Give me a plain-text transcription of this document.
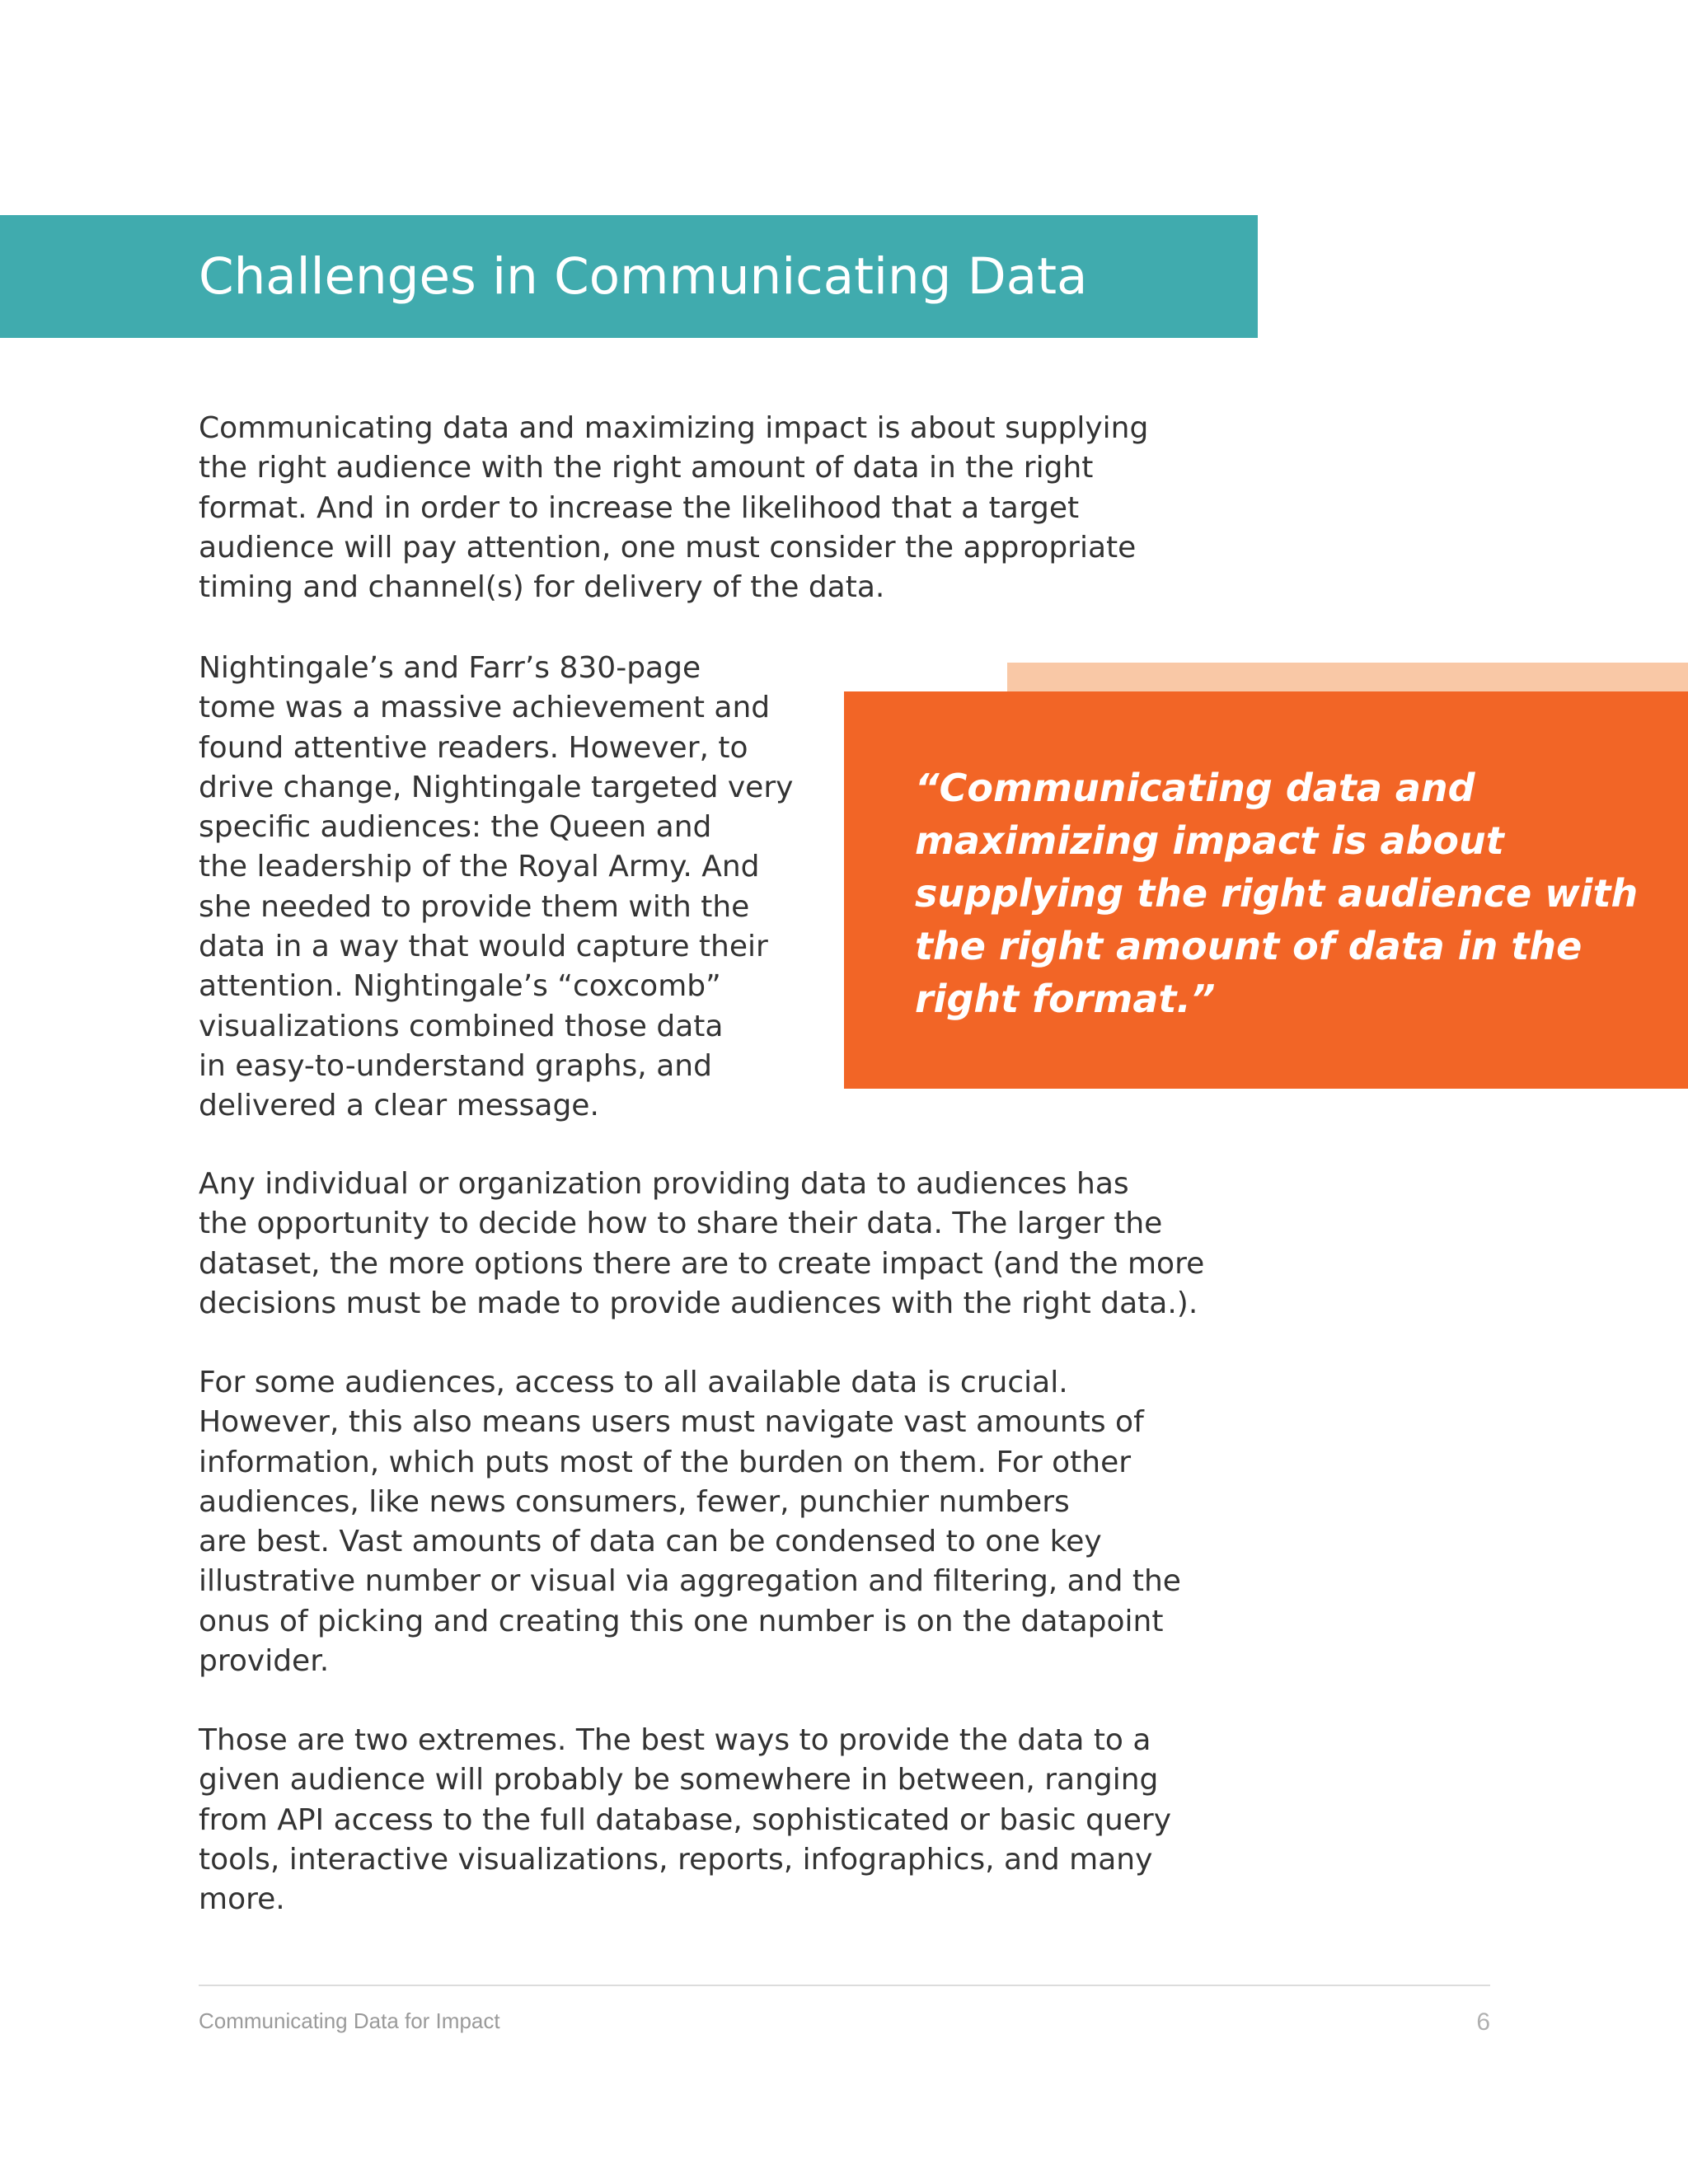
Challenges in Communicating Data

Communicating data and maximizing impact is about supplying
the right audience with the right amount of data in the right
format. And in order to increase the likelihood that a target
audience will pay attention, one must consider the appropriate
timing and channel(s) for delivery of the data.

Nightingale’s and Farr’s 830-page
tome was a massive achievement and
found attentive readers. However, to
drive change, Nightingale targeted very
specific audiences: the Queen and
the leadership of the Royal Army. And
she needed to provide them with the
data in a way that would capture their
attention. Nightingale’s “coxcomb”
visualizations combined those data
in easy-to-understand graphs, and
delivered a clear message.

“Communicating data and
maximizing impact is about
supplying the right audience with
the right amount of data in the
right format.”

Any individual or organization providing data to audiences has
the opportunity to decide how to share their data. The larger the
dataset, the more options there are to create impact (and the more
decisions must be made to provide audiences with the right data.).

For some audiences, access to all available data is crucial.
However, this also means users must navigate vast amounts of
information, which puts most of the burden on them. For other
audiences, like news consumers, fewer, punchier numbers
are best. Vast amounts of data can be condensed to one key
illustrative number or visual via aggregation and filtering, and the
onus of picking and creating this one number is on the datapoint
provider.

Those are two extremes. The best ways to provide the data to a
given audience will probably be somewhere in between, ranging
from API access to the full database, sophisticated or basic query
tools, interactive visualizations, reports, infographics, and many
more.

Communicating Data for Impact	6
